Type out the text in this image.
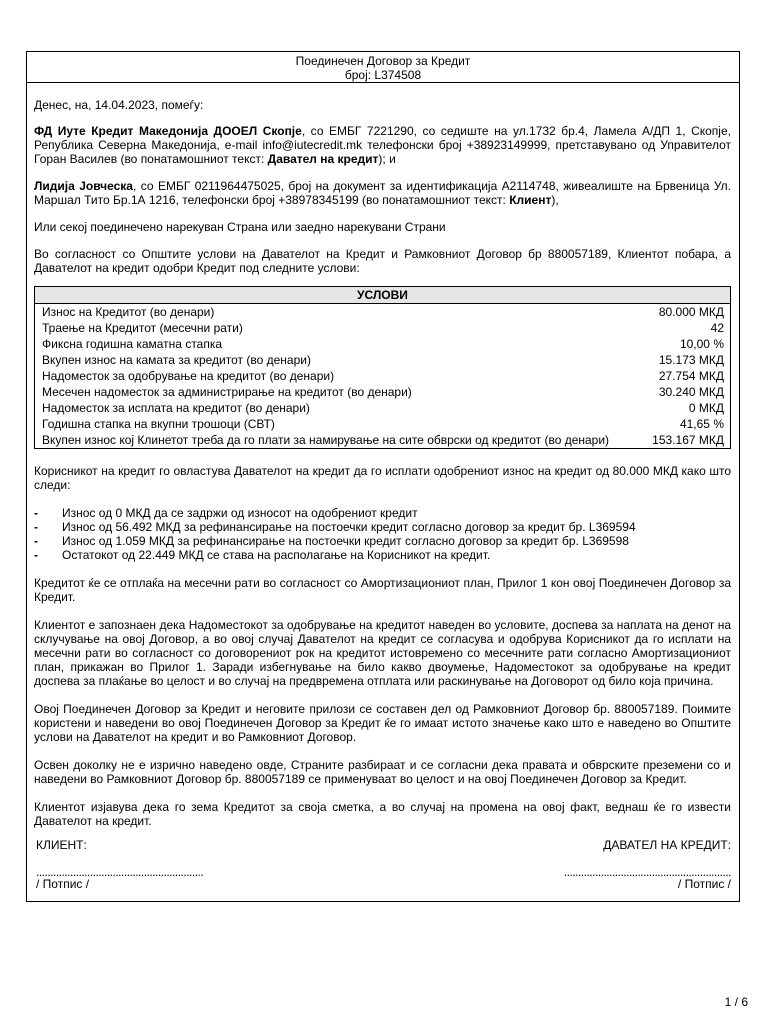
Поединечен Договор за Кредит
број: L374508

Денес, на, 14.04.2023, помеѓу:

ФД Иуте Кредит Македонија ДООЕЛ Скопје, со ЕМБГ 7221290, со седиште на ул.1732 бр.4, Ламела А/ДП 1, Скопје, Република Северна Македонија, e-mail info@iutecredit.mk телефонски број +38923149999, претставувано од Управителот Горан Василев (во понатамошниот текст: Давател на кредит); и

Лидија Јовческа, со ЕМБГ 0211964475025, број на документ за идентификација А2114748, живеалиште на Брвеница Ул. Маршал Тито Бр.1А 1216, телефонски број +38978345199 (во понатамошниот текст: Клиент),

Или секој поединечено нарекуван Страна или заедно нарекувани Страни

Во согласност со Општите услови на Давателот на Кредит и Рамковниот Договор бр 880057189, Клиентот побара, а Давателот на кредит одобри Кредит под следните услови:

УСЛОВИ	
Износ на Кредитот (во денари)	80.000 МКД
Траење на Кредитот (месечни рати)	42
Фиксна годишна каматна стапка	10,00 %
Вкупен износ на камата за кредитот (во денари)	15.173 МКД
Надоместок за одобрување на кредитот (во денари)	27.754 МКД
Месечен надоместок за администрирање на кредитот (во денари)	30.240 МКД
Надоместок за исплата на кредитот (во денари)	0 МКД
Годишна стапка на вкупни трошоци (СВТ)	41,65 %
Вкупен износ кој Клинетот треба да го плати за намирување на сите обврски од кредитот (во денари)	153.167 МКД

Корисникот на кредит го овластува Давателот на кредит да го исплати одобрениот износ на кредит од 80.000 МКД како што следи:

- Износ од 0 МКД да се задржи од износот на одобрениот кредит
- Износ од 56.492 МКД за рефинансирање на постоечки кредит согласно договор за кредит бр. L369594
- Износ од 1.059 МКД за рефинансирање на постоечки кредит согласно договор за кредит бр. L369598
- Остатокот од 22.449 МКД се става на располагање на Корисникот на кредит.

Кредитот ќе се отплаќа на месечни рати во согласност со Амортизациониот план, Прилог 1 кон овој Поединечен Договор за Кредит.

Клиентот е запознаен дека Надоместокот за одобрување на кредитот наведен во условите, доспева за наплата на денот на склучување на овој Договор, а во овој случај Давателот на кредит се согласува и одобрува Корисникот да го исплати на месечни рати во согласност со договорениот рок на кредитот истовремено со месечните рати согласно Амортизациониот план, прикажан во Прилог 1. Заради избегнување на било какво двоумење, Надоместокот за одобрување на кредит доспева за плаќање во целост и во случај на предвремена отплата или раскинување на Договорот од било која причина.

Овој Поединечен Договор за Кредит и неговите прилози се составен дел од Рамковниот Договор бр. 880057189. Поимите користени и наведени во овој Поединечен Договор за Кредит ќе го имаат истото значење како што е наведено во Општите услови на Давателот на кредит и во Рамковниот Договор.

Освен доколку не е изрично наведено овде, Страните разбираат и се согласни дека правата и обврските преземени со и наведени во Рамковниот Договор бр. 880057189 се применуваат во целост и на овој Поединечен Договор за Кредит.

Клиентот изјавува дека го зема Кредитот за своја сметка, а во случај на промена на овој факт, веднаш ќе го извести Давателот на кредит.

КЛИЕНТ:	ДАВАТЕЛ НА КРЕДИТ:
...........................................................	...........................................................
/ Потпис /	/ Потпис /
1 / 6
